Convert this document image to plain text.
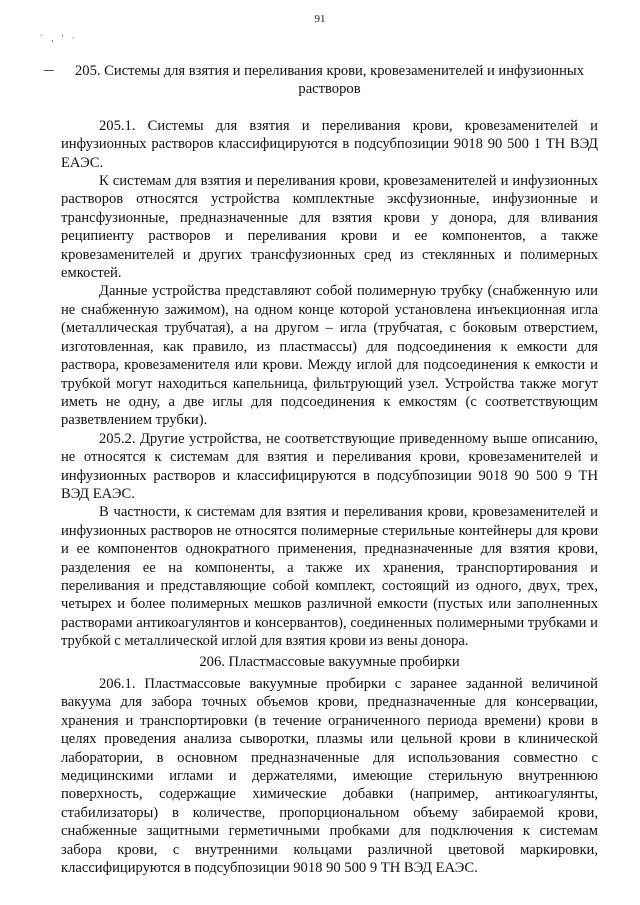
91
` , ' ·

205. Системы для взятия и переливания крови, кровезаменителей и инфузионных растворов

205.1. Системы для взятия и переливания крови, кровезаменителей и инфузионных растворов классифицируются в подсубпозиции 9018 90 500 1 ТН ВЭД ЕАЭС.

К системам для взятия и переливания крови, кровезаменителей и инфузионных растворов относятся устройства комплектные эксфузионные, инфузионные и трансфузионные, предназначенные для взятия крови у донора, для вливания реципиенту растворов и переливания крови и ее компонентов, а также кровезаменителей и других трансфузионных сред из стеклянных и полимерных емкостей.

Данные устройства представляют собой полимерную трубку (снабженную или не снабженную зажимом), на одном конце которой установлена инъекционная игла (металлическая трубчатая), а на другом – игла (трубчатая, с боковым отверстием, изготовленная, как правило, из пластмассы) для подсоединения к емкости для раствора, кровезаменителя или крови. Между иглой для подсоединения к емкости и трубкой могут находиться капельница, фильтрующий узел. Устройства также могут иметь не одну, а две иглы для подсоединения к емкостям (с соответствующим разветвлением трубки).

205.2. Другие устройства, не соответствующие приведенному выше описанию, не относятся к системам для взятия и переливания крови, кровезаменителей и инфузионных растворов и классифицируются в подсубпозиции 9018 90 500 9 ТН ВЭД ЕАЭС.

В частности, к системам для взятия и переливания крови, кровезаменителей и инфузионных растворов не относятся полимерные стерильные контейнеры для крови и ее компонентов однократного применения, предназначенные для взятия крови, разделения ее на компоненты, а также их хранения, транспортирования и переливания и представляющие собой комплект, состоящий из одного, двух, трех, четырех и более полимерных мешков различной емкости (пустых или заполненных растворами антикоагулянтов и консервантов), соединенных полимерными трубками и трубкой с металлической иглой для взятия крови из вены донора.

206. Пластмассовые вакуумные пробирки

206.1. Пластмассовые вакуумные пробирки с заранее заданной величиной вакуума для забора точных объемов крови, предназначенные для консервации, хранения и транспортировки (в течение ограниченного периода времени) крови в целях проведения анализа сыворотки, плазмы или цельной крови в клинической лаборатории, в основном предназначенные для использования совместно с медицинскими иглами и держателями, имеющие стерильную внутреннюю поверхность, содержащие химические добавки (например, антикоагулянты, стабилизаторы) в количестве, пропорциональном объему забираемой крови, снабженные защитными герметичными пробками для подключения к системам забора крови, с внутренними кольцами различной цветовой маркировки, классифицируются в подсубпозиции 9018 90 500 9 ТН ВЭД ЕАЭС.
